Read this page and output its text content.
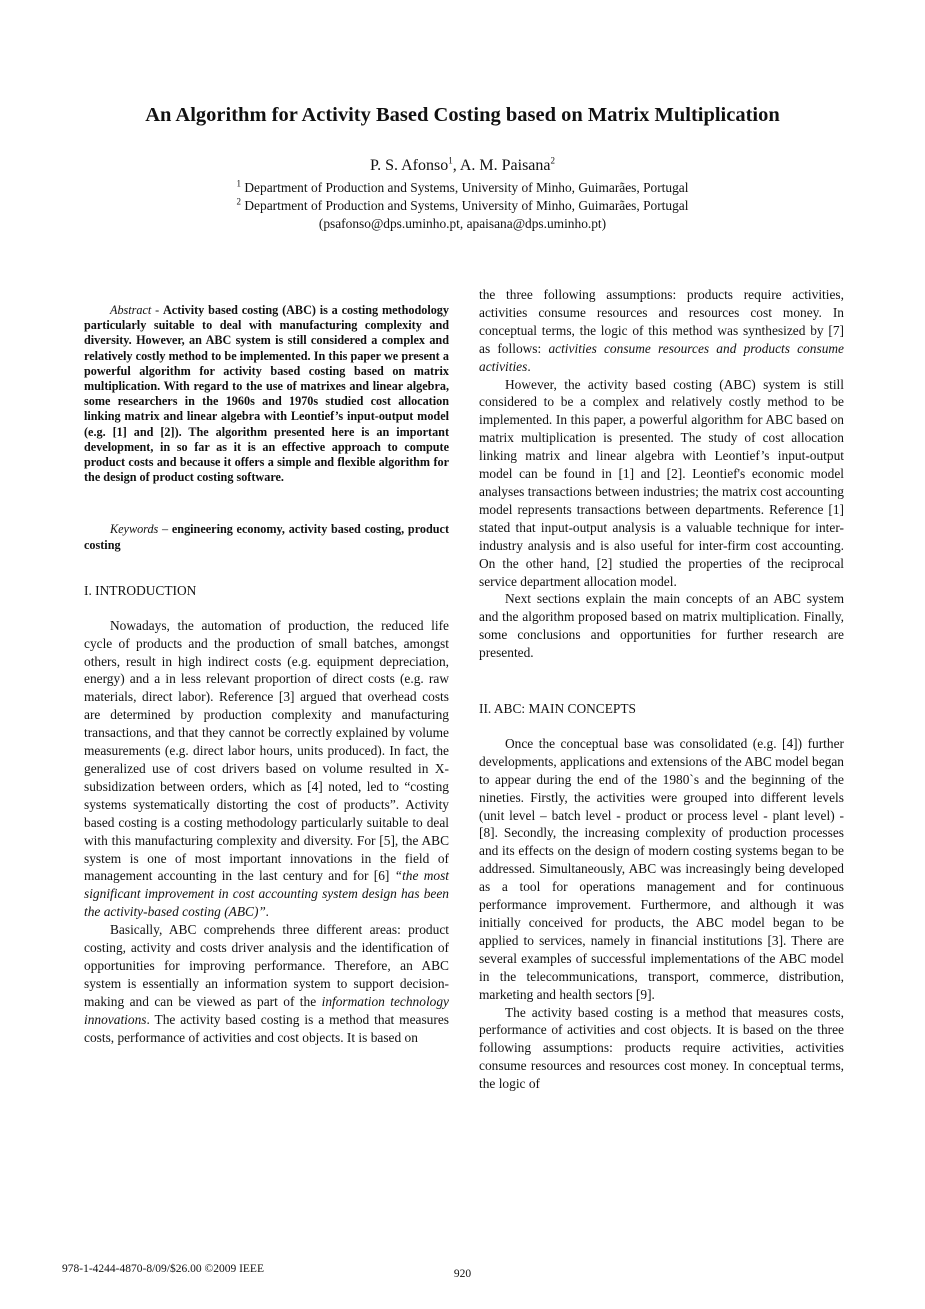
An Algorithm for Activity Based Costing based on Matrix Multiplication
P. S. Afonso$^1$, A. M. Paisana$^2$
$^1$ Department of Production and Systems, University of Minho, Guimarães, Portugal
$^2$ Department of Production and Systems, University of Minho, Guimarães, Portugal
(psafonso@dps.uminho.pt, apaisana@dps.uminho.pt)

Abstract - Activity based costing (ABC) is a costing methodology particularly suitable to deal with manufacturing complexity and diversity. However, an ABC system is still considered a complex and relatively costly method to be implemented. In this paper we present a powerful algorithm for activity based costing based on matrix multiplication. With regard to the use of matrixes and linear algebra, some researchers in the 1960s and 1970s studied cost allocation linking matrix and linear algebra with Leontief’s input-output model (e.g. [1] and [2]). The algorithm presented here is an important development, in so far as it is an effective approach to compute product costs and because it offers a simple and flexible algorithm for the design of product costing software.

Keywords – engineering economy, activity based costing, product costing

I. INTRODUCTION

Nowadays, the automation of production, the reduced life cycle of products and the production of small batches, amongst others, result in high indirect costs (e.g. equipment depreciation, energy) and a in less relevant proportion of direct costs (e.g. raw materials, direct labor). Reference [3] argued that overhead costs are determined by production complexity and manufacturing transactions, and that they cannot be correctly explained by volume measurements (e.g. direct labor hours, units produced). In fact, the generalized use of cost drivers based on volume resulted in X-subsidization between orders, which as [4] noted, led to “costing systems systematically distorting the cost of products”. Activity based costing is a costing methodology particularly suitable to deal with this manufacturing complexity and diversity. For [5], the ABC system is one of most important innovations in the field of management accounting in the last century and for [6] “the most significant improvement in cost accounting system design has been the activity-based costing (ABC)”.

Basically, ABC comprehends three different areas: product costing, activity and costs driver analysis and the identification of opportunities for improving performance. Therefore, an ABC system is essentially an information system to support decision-making and can be viewed as part of the information technology innovations. The activity based costing is a method that measures costs, performance of activities and cost objects. It is based on

the three following assumptions: products require activities, activities consume resources and resources cost money. In conceptual terms, the logic of this method was synthesized by [7] as follows: activities consume resources and products consume activities.

However, the activity based costing (ABC) system is still considered to be a complex and relatively costly method to be implemented. In this paper, a powerful algorithm for ABC based on matrix multiplication is presented. The study of cost allocation linking matrix and linear algebra with Leontief’s input-output model can be found in [1] and [2]. Leontief's economic model analyses transactions between industries; the matrix cost accounting model represents transactions between departments. Reference [1] stated that input-output analysis is a valuable technique for inter-industry analysis and is also useful for inter-firm cost accounting. On the other hand, [2] studied the properties of the reciprocal service department allocation model.

Next sections explain the main concepts of an ABC system and the algorithm proposed based on matrix multiplication. Finally, some conclusions and opportunities for further research are presented.

II. ABC: MAIN CONCEPTS

Once the conceptual base was consolidated (e.g. [4]) further developments, applications and extensions of the ABC model began to appear during the end of the 1980`s and the beginning of the nineties. Firstly, the activities were grouped into different levels (unit level – batch level - product or process level - plant level) - [8]. Secondly, the increasing complexity of production processes and its effects on the design of modern costing systems began to be addressed. Simultaneously, ABC was increasingly being developed as a tool for operations management and for continuous performance improvement. Furthermore, and although it was initially conceived for products, the ABC model began to be applied to services, namely in financial institutions [3]. There are several examples of successful implementations of the ABC model in the telecommunications, transport, commerce, distribution, marketing and health sectors [9].

The activity based costing is a method that measures costs, performance of activities and cost objects. It is based on the three following assumptions: products require activities, activities consume resources and resources cost money. In conceptual terms, the logic of

978-1-4244-4870-8/09/$26.00 ©2009 IEEE	920
